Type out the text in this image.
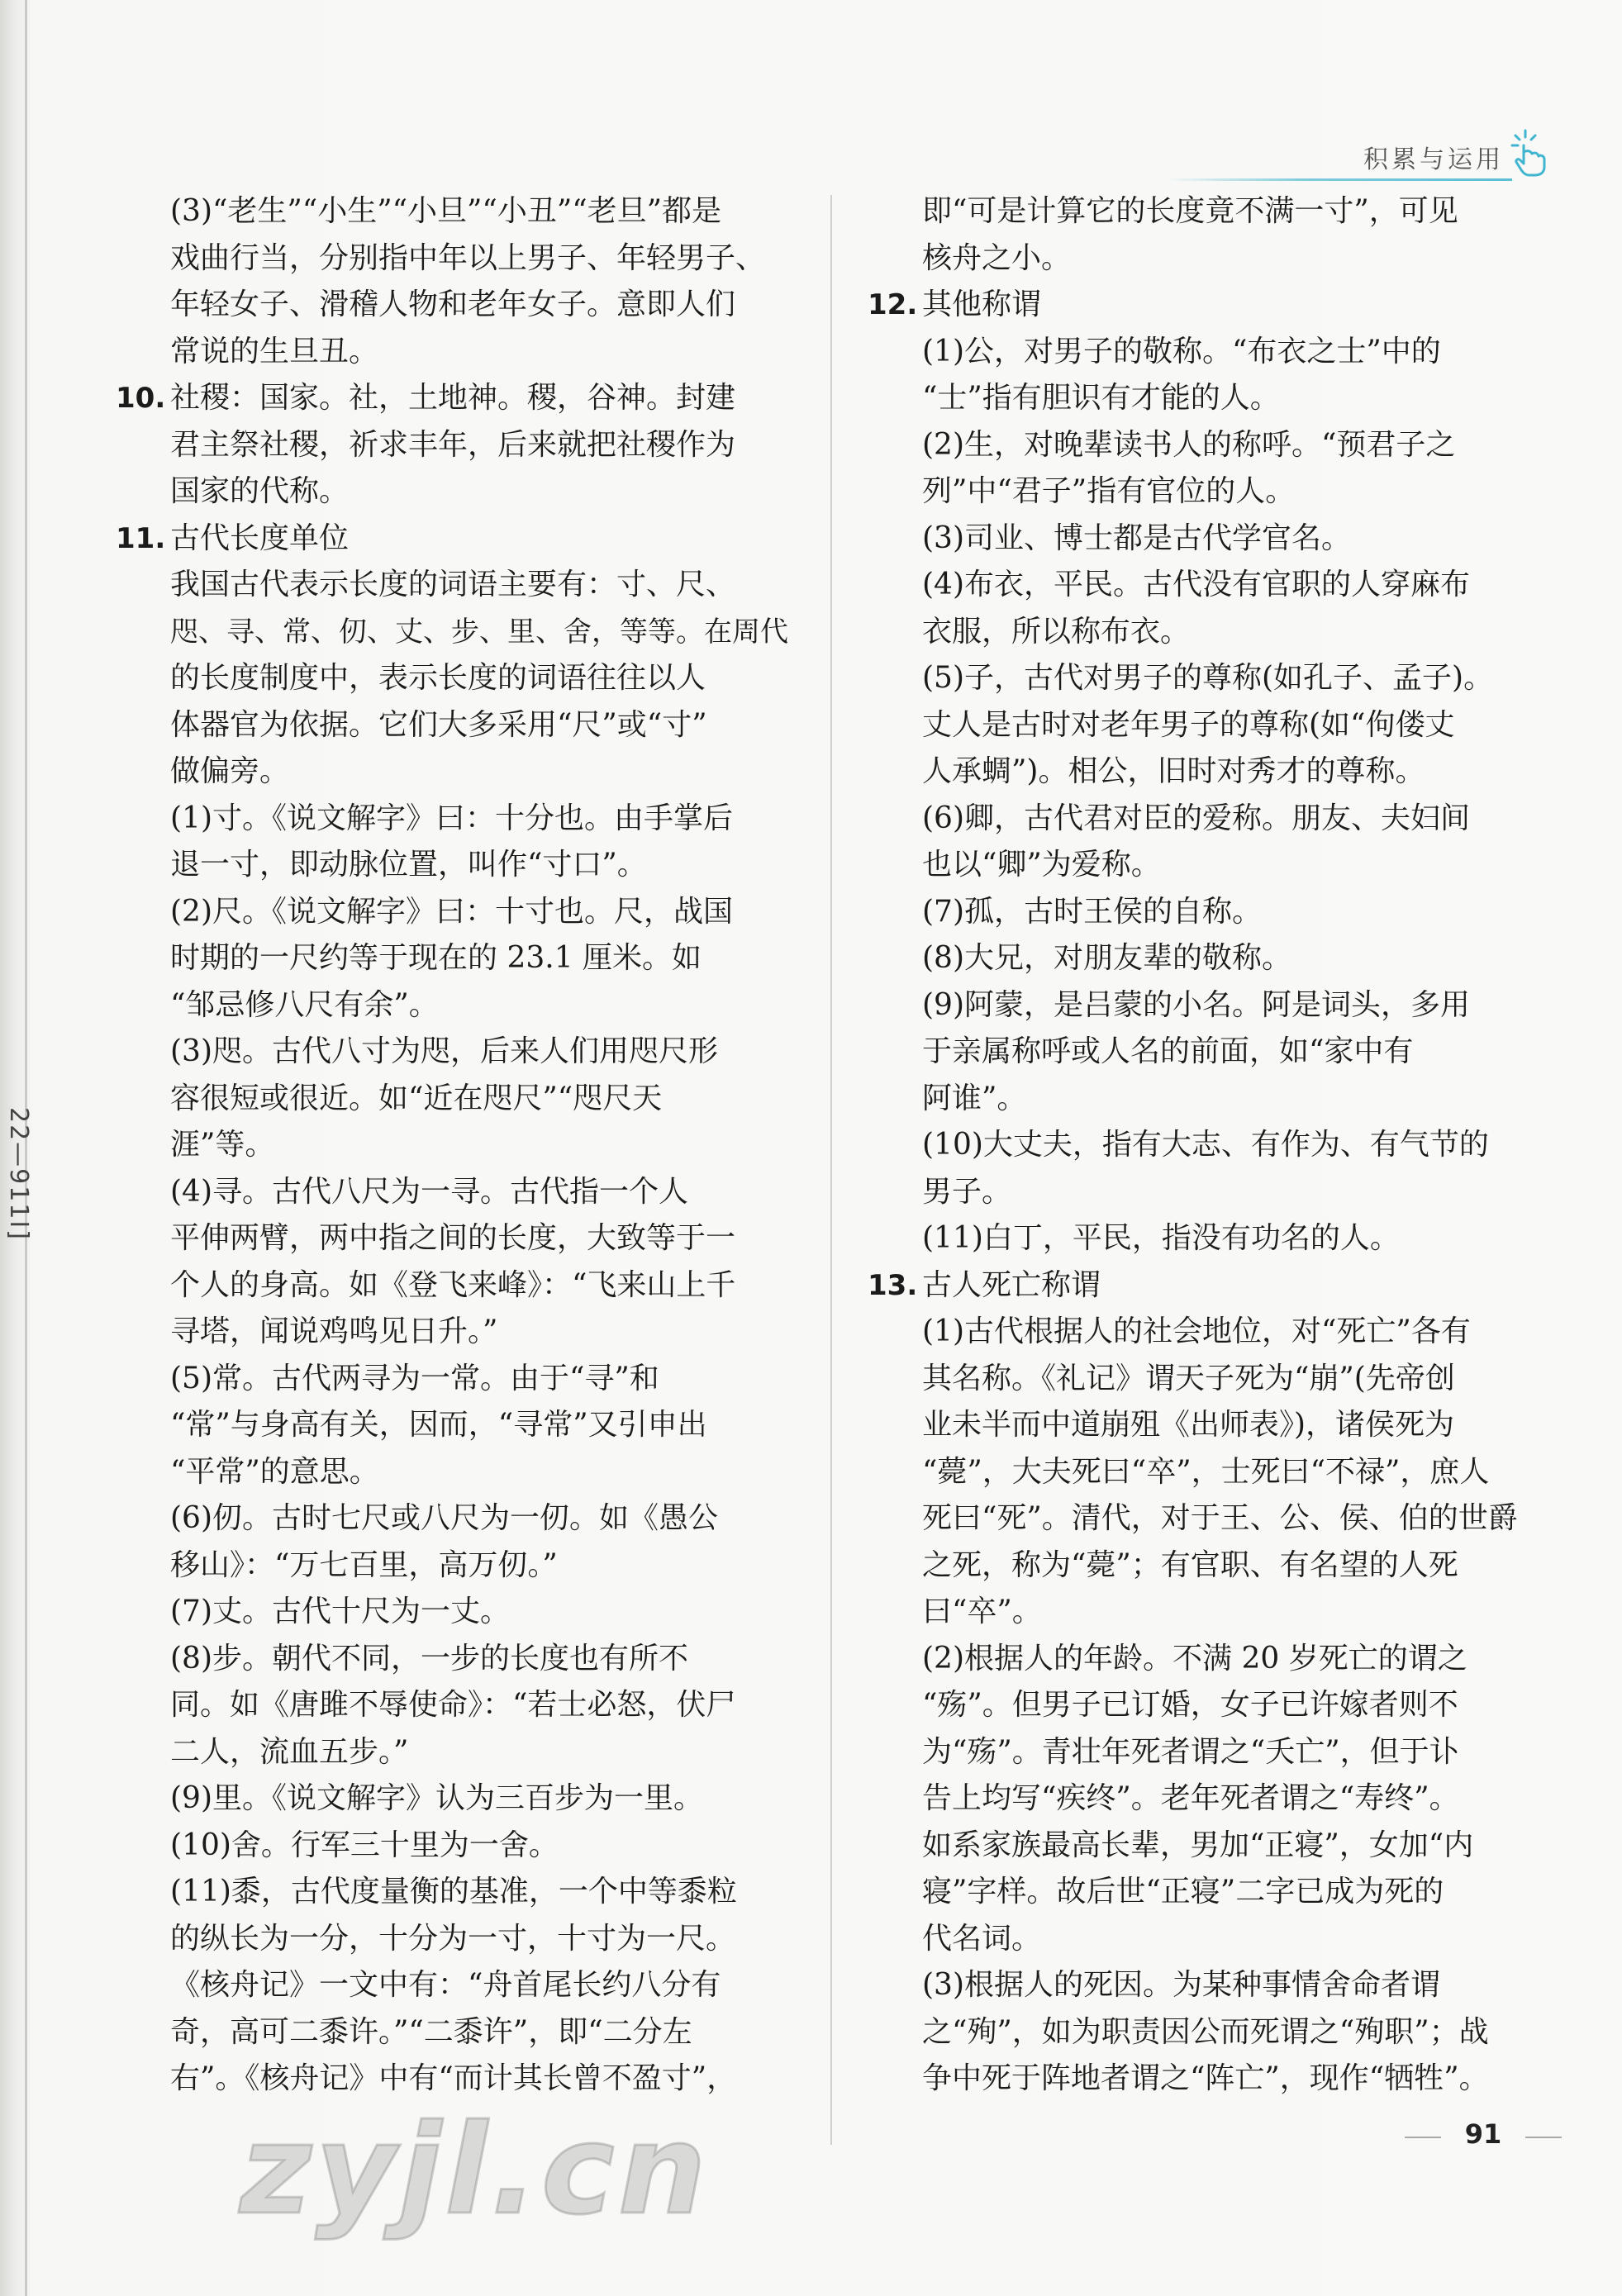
积累与运用
(3)“老生”“小生”“小旦”“小丑”“老旦”都是
戏曲行当，分别指中年以上男子、年轻男子、
年轻女子、滑稽人物和老年女子。意即人们
常说的生旦丑。
10. 社稷：国家。社，土地神。稷，谷神。封建
君主祭社稷，祈求丰年，后来就把社稷作为
国家的代称。
11. 古代长度单位
我国古代表示长度的词语主要有：寸、尺、
咫、寻、常、仞、丈、步、里、舍，等等。在周代
的长度制度中，表示长度的词语往往以人
体器官为依据。它们大多采用“尺”或“寸”
做偏旁。
(1)寸。《说文解字》曰：十分也。由手掌后
退一寸，即动脉位置，叫作“寸口”。
(2)尺。《说文解字》曰：十寸也。尺，战国
时期的一尺约等于现在的 23.1 厘米。如
“邹忌修八尺有余”。
(3)咫。古代八寸为咫，后来人们用咫尺形
容很短或很近。如“近在咫尺”“咫尺天
涯”等。
(4)寻。古代八尺为一寻。古代指一个人
平伸两臂，两中指之间的长度，大致等于一
个人的身高。如《登飞来峰》：“飞来山上千
寻塔，闻说鸡鸣见日升。”
(5)常。古代两寻为一常。由于“寻”和
“常”与身高有关，因而，“寻常”又引申出
“平常”的意思。
(6)仞。古时七尺或八尺为一仞。如《愚公
移山》：“万七百里，高万仞。”
(7)丈。古代十尺为一丈。
(8)步。朝代不同，一步的长度也有所不
同。如《唐雎不辱使命》：“若士必怒，伏尸
二人，流血五步。”
(9)里。《说文解字》认为三百步为一里。
(10)舍。行军三十里为一舍。
(11)黍，古代度量衡的基准，一个中等黍粒
的纵长为一分，十分为一寸，十寸为一尺。
《核舟记》一文中有：“舟首尾长约八分有
奇，高可二黍许。”“二黍许”，即“二分左
右”。《核舟记》中有“而计其长曾不盈寸”，
即“可是计算它的长度竟不满一寸”，可见
核舟之小。
12. 其他称谓
(1)公，对男子的敬称。“布衣之士”中的
“士”指有胆识有才能的人。
(2)生，对晚辈读书人的称呼。“预君子之
列”中“君子”指有官位的人。
(3)司业、博士都是古代学官名。
(4)布衣，平民。古代没有官职的人穿麻布
衣服，所以称布衣。
(5)子，古代对男子的尊称(如孔子、孟子)。
丈人是古时对老年男子的尊称(如“佝偻丈
人承蜩”)。相公，旧时对秀才的尊称。
(6)卿，古代君对臣的爱称。朋友、夫妇间
也以“卿”为爱称。
(7)孤，古时王侯的自称。
(8)大兄，对朋友辈的敬称。
(9)阿蒙，是吕蒙的小名。阿是词头，多用
于亲属称呼或人名的前面，如“家中有
阿谁”。
(10)大丈夫，指有大志、有作为、有气节的
男子。
(11)白丁，平民，指没有功名的人。
13. 古人死亡称谓
(1)古代根据人的社会地位，对“死亡”各有
其名称。《礼记》谓天子死为“崩”(先帝创
业未半而中道崩殂《出师表》)，诸侯死为
“薨”，大夫死曰“卒”，士死曰“不禄”，庶人
死曰“死”。清代，对于王、公、侯、伯的世爵
之死，称为“薨”；有官职、有名望的人死
曰“卒”。
(2)根据人的年龄。不满 20 岁死亡的谓之
“殇”。但男子已订婚，女子已许嫁者则不
为“殇”。青壮年死者谓之“夭亡”，但于讣
告上均写“疾终”。老年死者谓之“寿终”。
如系家族最高长辈，男加“正寝”，女加“内
寝”字样。故后世“正寝”二字已成为死的
代名词。
(3)根据人的死因。为某种事情舍命者谓
之“殉”，如为职责因公而死谓之“殉职”；战
争中死于阵地者谓之“阵亡”，现作“牺牲”。
22—911I]
91
zyjl.cn
